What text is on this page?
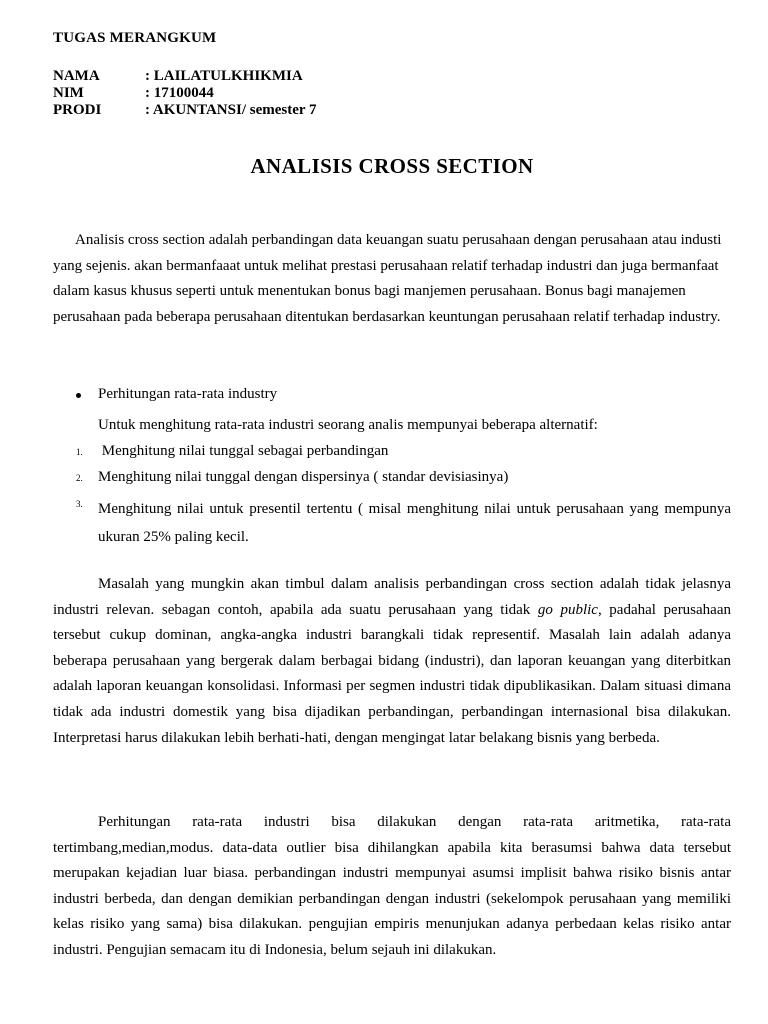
TUGAS MERANGKUM
NAMA	: LAILATULKHIKMIA
NIM	: 17100044
PRODI	: AKUNTANSI/ semester 7
ANALISIS CROSS SECTION

Analisis cross section adalah perbandingan data keuangan suatu perusahaan dengan perusahaan atau industi yang sejenis. akan bermanfaaat untuk melihat prestasi perusahaan relatif terhadap industri dan juga bermanfaat dalam kasus khusus seperti untuk menentukan bonus bagi manjemen perusahaan. Bonus bagi manajemen perusahaan pada beberapa perusahaan ditentukan berdasarkan keuntungan perusahaan relatif terhadap industry.

Perhitungan rata-rata industry
Untuk menghitung rata-rata industri seorang analis mempunyai beberapa alternatif:
1. Menghitung nilai tunggal sebagai perbandingan
2. Menghitung nilai tunggal dengan dispersinya ( standar devisiasinya)
3. Menghitung nilai untuk presentil tertentu ( misal menghitung nilai untuk perusahaan yang mempunya ukuran 25% paling kecil.

Masalah yang mungkin akan timbul dalam analisis perbandingan cross section adalah tidak jelasnya industri relevan. sebagan contoh, apabila ada suatu perusahaan yang tidak go public, padahal perusahaan tersebut cukup dominan, angka-angka industri barangkali tidak representif. Masalah lain adalah adanya beberapa perusahaan yang bergerak dalam berbagai bidang (industri), dan laporan keuangan yang diterbitkan adalah laporan keuangan konsolidasi. Informasi per segmen industri tidak dipublikasikan. Dalam situasi dimana tidak ada industri domestik yang bisa dijadikan perbandingan, perbandingan internasional bisa dilakukan. Interpretasi harus dilakukan lebih berhati-hati, dengan mengingat latar belakang bisnis yang berbeda.

Perhitungan rata-rata industri bisa dilakukan dengan rata-rata aritmetika, rata-rata tertimbang,median,modus. data-data outlier bisa dihilangkan apabila kita berasumsi bahwa data tersebut merupakan kejadian luar biasa. perbandingan industri mempunyai asumsi implisit bahwa risiko bisnis antar industri berbeda, dan dengan demikian perbandingan dengan industri (sekelompok perusahaan yang memiliki kelas risiko yang sama) bisa dilakukan. pengujian empiris menunjukan adanya perbedaan kelas risiko antar industri. Pengujian semacam itu di Indonesia, belum sejauh ini dilakukan.
